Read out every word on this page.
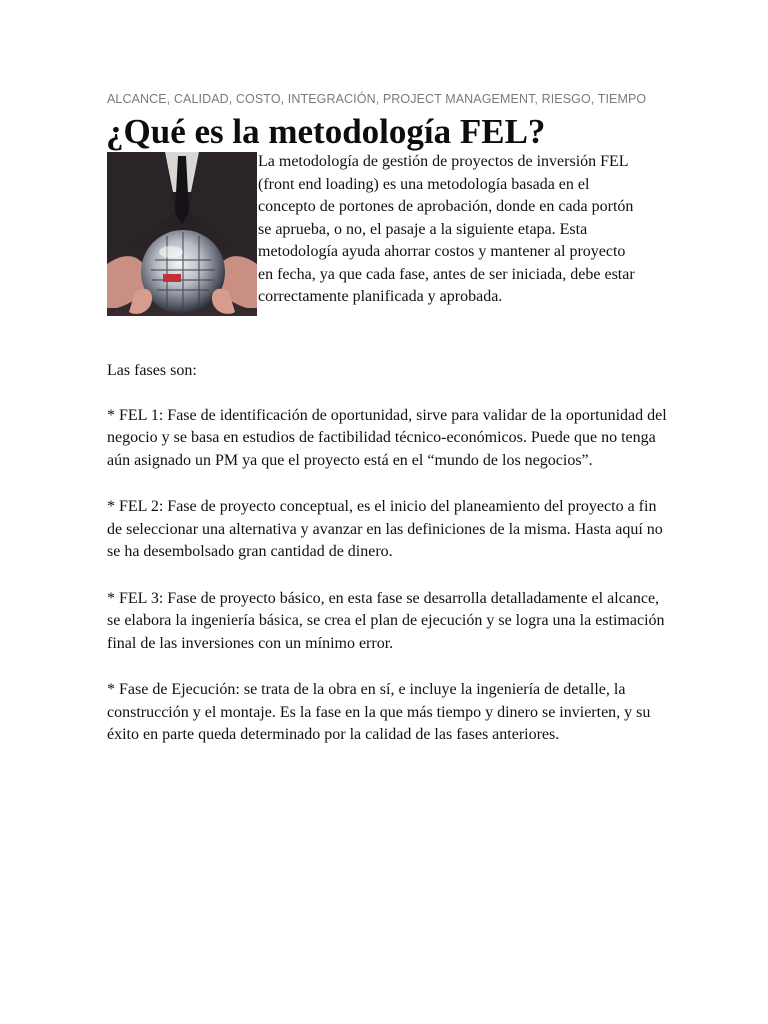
ALCANCE, CALIDAD, COSTO, INTEGRACIÓN, PROJECT MANAGEMENT, RIESGO, TIEMPO
¿Qué es la metodología FEL?

La metodología de gestión de proyectos de inversión FEL (front end loading) es una metodología basada en el concepto de portones de aprobación, donde en cada portón se aprueba, o no, el pasaje a la siguiente etapa. Esta metodología ayuda ahorrar costos y mantener al proyecto en fecha, ya que cada fase, antes de ser iniciada, debe estar correctamente planificada y aprobada.

Las fases son:

* FEL 1: Fase de identificación de oportunidad, sirve para validar de la oportunidad del negocio y se basa en estudios de factibilidad técnico-económicos. Puede que no tenga aún asignado un PM ya que el proyecto está en el “mundo de los negocios”.

* FEL 2: Fase de proyecto conceptual, es el inicio del planeamiento del proyecto a fin de seleccionar una alternativa y avanzar en las definiciones de la misma. Hasta aquí no se ha desembolsado gran cantidad de dinero.

* FEL 3: Fase de proyecto básico, en esta fase se desarrolla detalladamente el alcance, se elabora la ingeniería básica, se crea el plan de ejecución y se logra una la estimación final de las inversiones con un mínimo error.

* Fase de Ejecución: se trata de la obra en sí, e incluye la ingeniería de detalle, la construcción y el montaje. Es la fase en la que más tiempo y dinero se invierten, y su éxito en parte queda determinado por la calidad de las fases anteriores.
